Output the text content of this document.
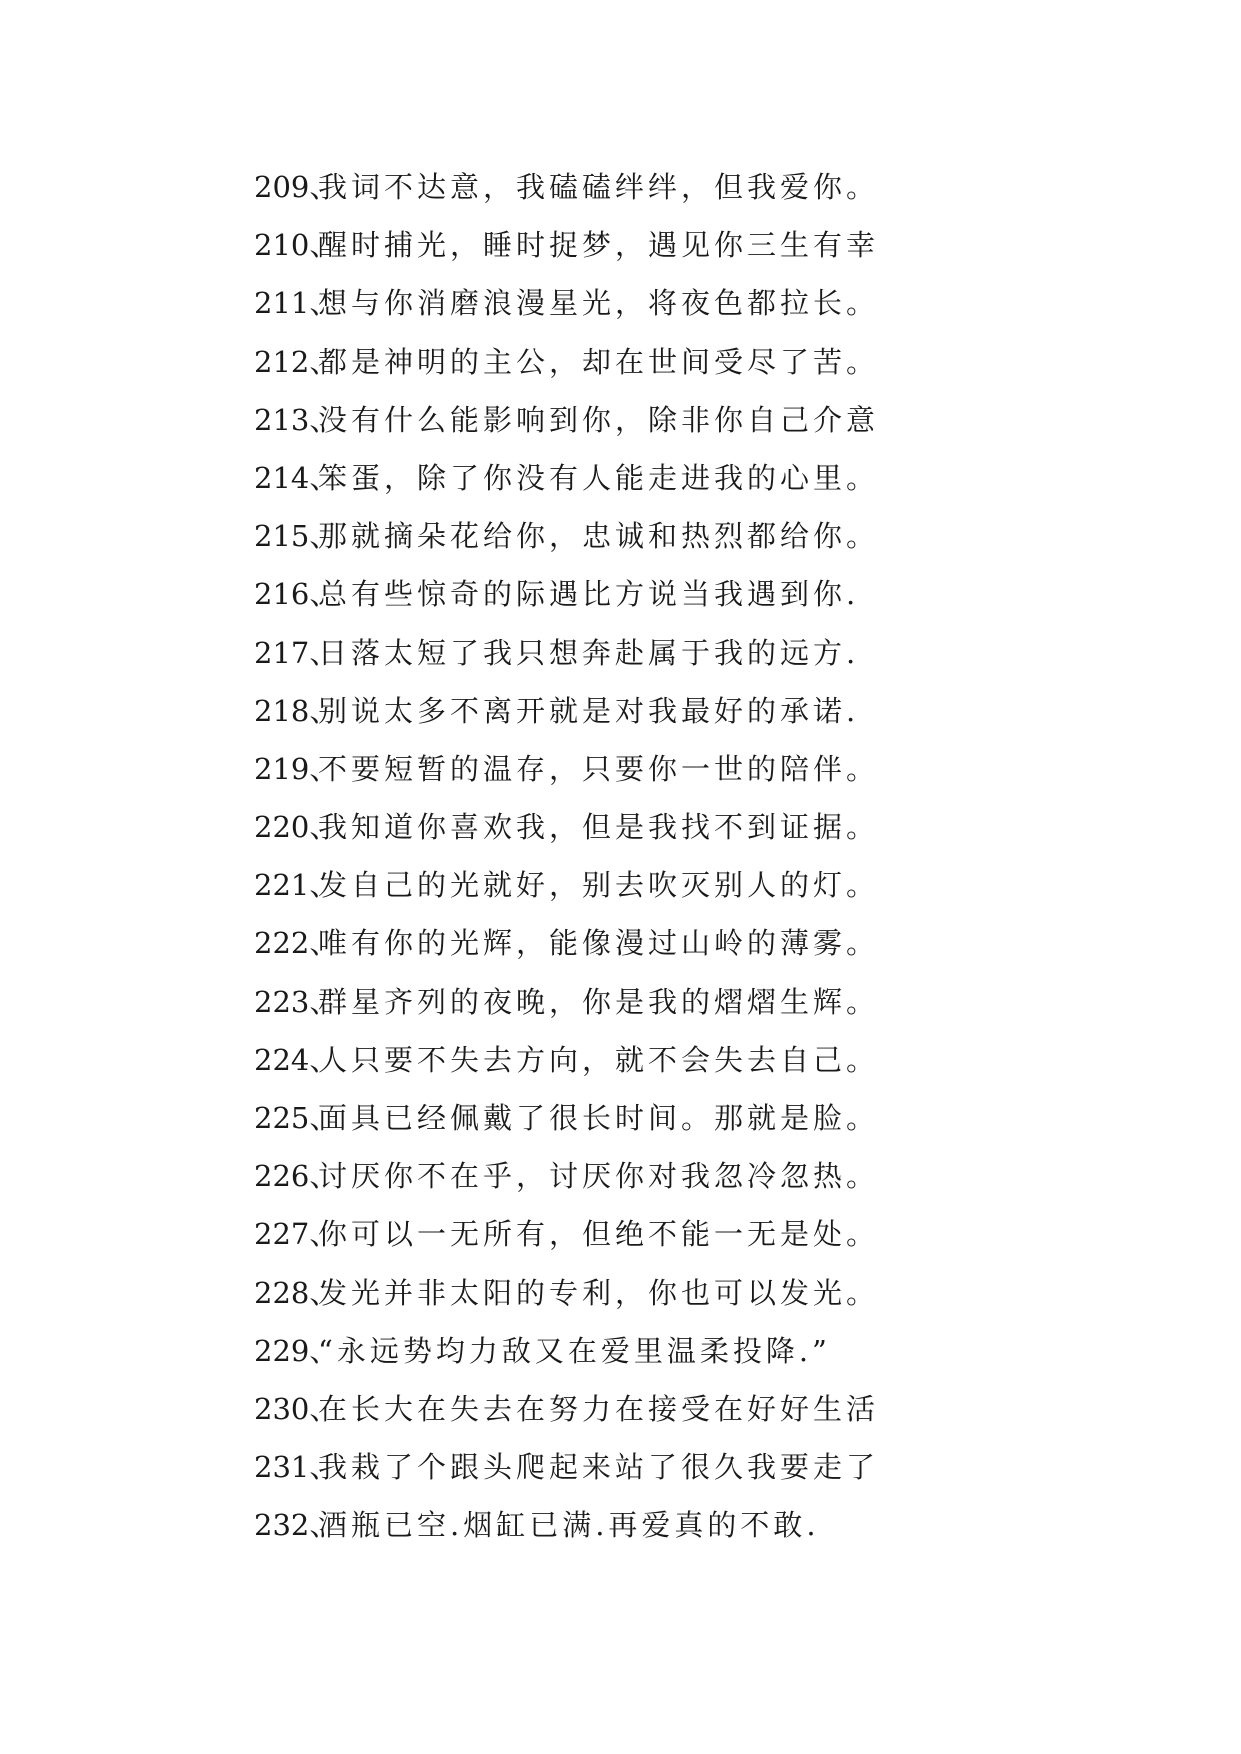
209、我词不达意，我磕磕绊绊，但我爱你。
210、醒时捕光，睡时捉梦，遇见你三生有幸
211、想与你消磨浪漫星光，将夜色都拉长。
212、都是神明的主公，却在世间受尽了苦。
213、没有什么能影响到你，除非你自己介意
214、笨蛋，除了你没有人能走进我的心里。
215、那就摘朵花给你，忠诚和热烈都给你。
216、总有些惊奇的际遇比方说当我遇到你.
217、日落太短了我只想奔赴属于我的远方.
218、别说太多不离开就是对我最好的承诺.
219、不要短暂的温存，只要你一世的陪伴。
220、我知道你喜欢我，但是我找不到证据。
221、发自己的光就好，别去吹灭别人的灯。
222、唯有你的光辉，能像漫过山岭的薄雾。
223、群星齐列的夜晚，你是我的熠熠生辉。
224、人只要不失去方向，就不会失去自己。
225、面具已经佩戴了很长时间。那就是脸。
226、讨厌你不在乎，讨厌你对我忽冷忽热。
227、你可以一无所有，但绝不能一无是处。
228、发光并非太阳的专利，你也可以发光。
229、“永远势均力敌又在爱里温柔投降.”
230、在长大在失去在努力在接受在好好生活
231、我栽了个跟头爬起来站了很久我要走了
232、酒瓶已空.烟缸已满.再爱真的不敢.
